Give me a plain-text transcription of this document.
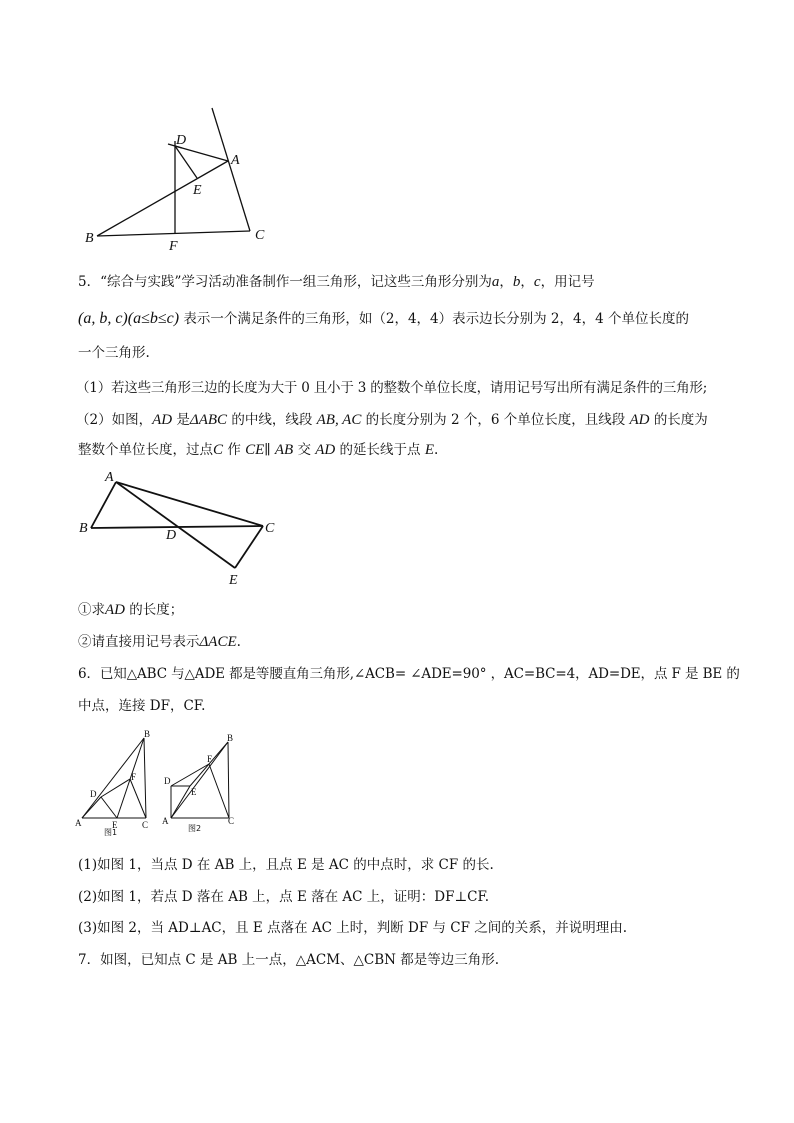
D
A
E
B
F
C
5．“综合与实践”学习活动准备制作一组三角形，记这些三角形分别为a，b，c，用记号
(a, b, c)(a≤b≤c) 表示一个满足条件的三角形，如（2，4，4）表示边长分别为 2，4，4 个单位长度的
一个三角形.
（1）若这些三角形三边的长度为大于 0 且小于 3 的整数个单位长度，请用记号写出所有满足条件的三角形;
（2）如图，AD 是ΔABC 的中线，线段 AB, AC 的长度分别为 2 个，6 个单位长度，且线段 AD 的长度为
整数个单位长度，过点C 作 CE∥ AB 交 AD 的延长线于点 E.
A
B	D	C
E
①求AD 的长度；
②请直接用记号表示ΔACE.
6．已知△ABC 与△ADE 都是等腰直角三角形,∠ACB= ∠ADE=90° ，AC=BC=4，AD=DE，点 F 是 BE 的
中点，连接 DF，CF.
B
F
D
A	E	C
图1
B
F
D
E
A	C
图2
(1)如图 1，当点 D 在 AB 上，且点 E 是 AC 的中点时，求 CF 的长.
(2)如图 1，若点 D 落在 AB 上，点 E 落在 AC 上，证明：DF⊥CF.
(3)如图 2，当 AD⊥AC，且 E 点落在 AC 上时，判断 DF 与 CF 之间的关系，并说明理由.
7．如图，已知点 C 是 AB 上一点，△ACM、△CBN 都是等边三角形.
